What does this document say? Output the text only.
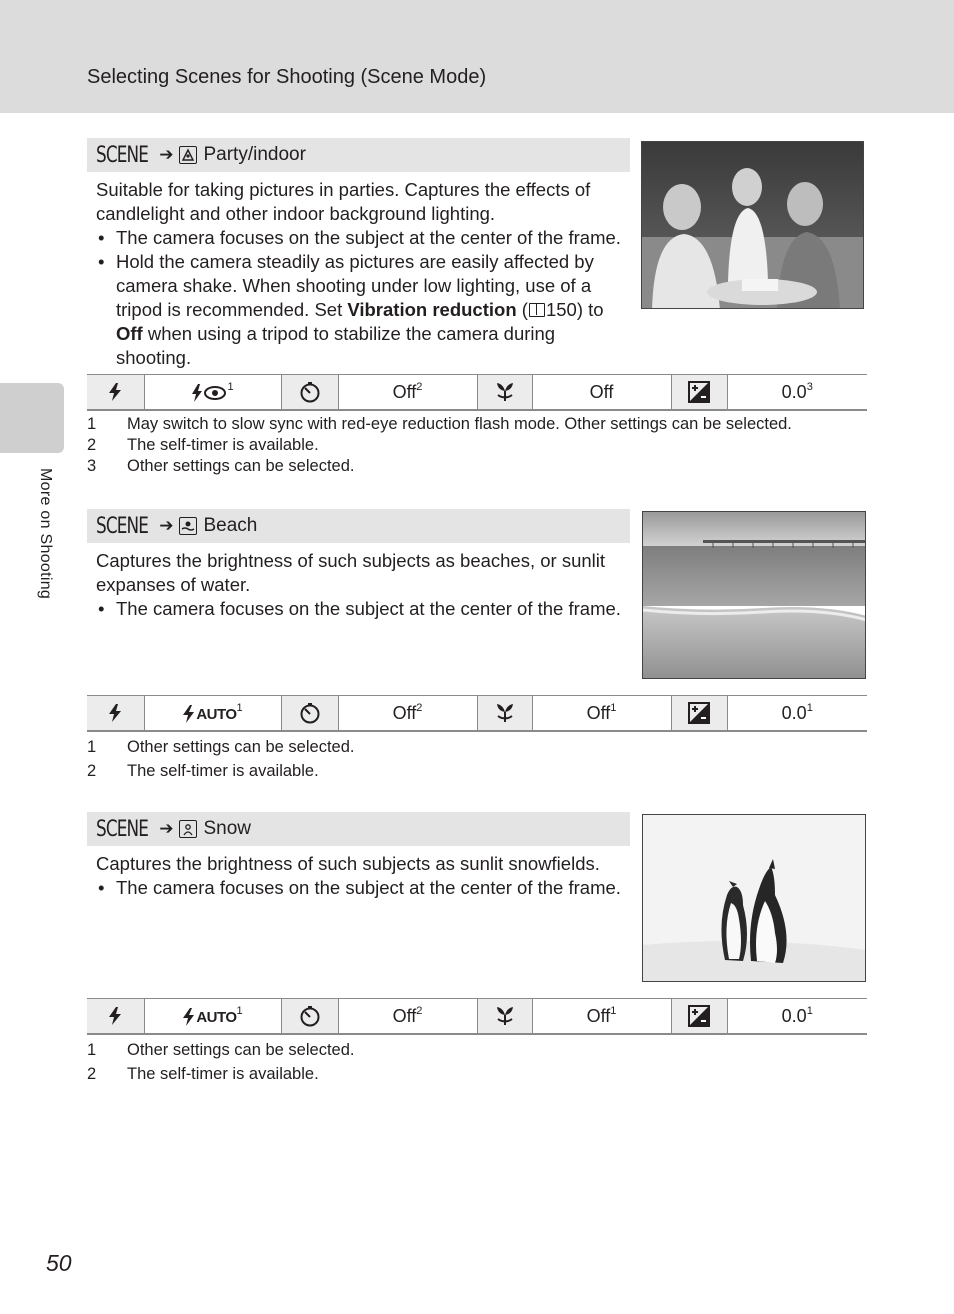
Selecting Scenes for Shooting (Scene Mode)
More on Shooting
SCENE ➔ Party/indoor

Suitable for taking pictures in parties. Captures the effects of candlelight and other indoor background lighting.

• The camera focuses on the subject at the center of the frame.
• Hold the camera steadily as pictures are easily affected by camera shake. When shooting under low lighting, use of a tripod is recommended. Set Vibration reduction ( 150) to Off when using a tripod to stabilize the camera during shooting.
	$^1$		Off$^2$		Off		$0.0^3$
1	May switch to slow sync with red-eye reduction flash mode. Other settings can be selected.
2	The self-timer is available.
3	Other settings can be selected.
SCENE ➔ Beach

Captures the brightness of such subjects as beaches, or sunlit expanses of water.

• The camera focuses on the subject at the center of the frame.
	AUTO$^1$		Off$^2$		Off$^1$		$0.0^1$
1	Other settings can be selected.
2	The self-timer is available.
SCENE ➔ Snow

Captures the brightness of such subjects as sunlit snowfields.

• The camera focuses on the subject at the center of the frame.
	AUTO$^1$		Off$^2$		Off$^1$		$0.0^1$
1	Other settings can be selected.
2	The self-timer is available.
50
